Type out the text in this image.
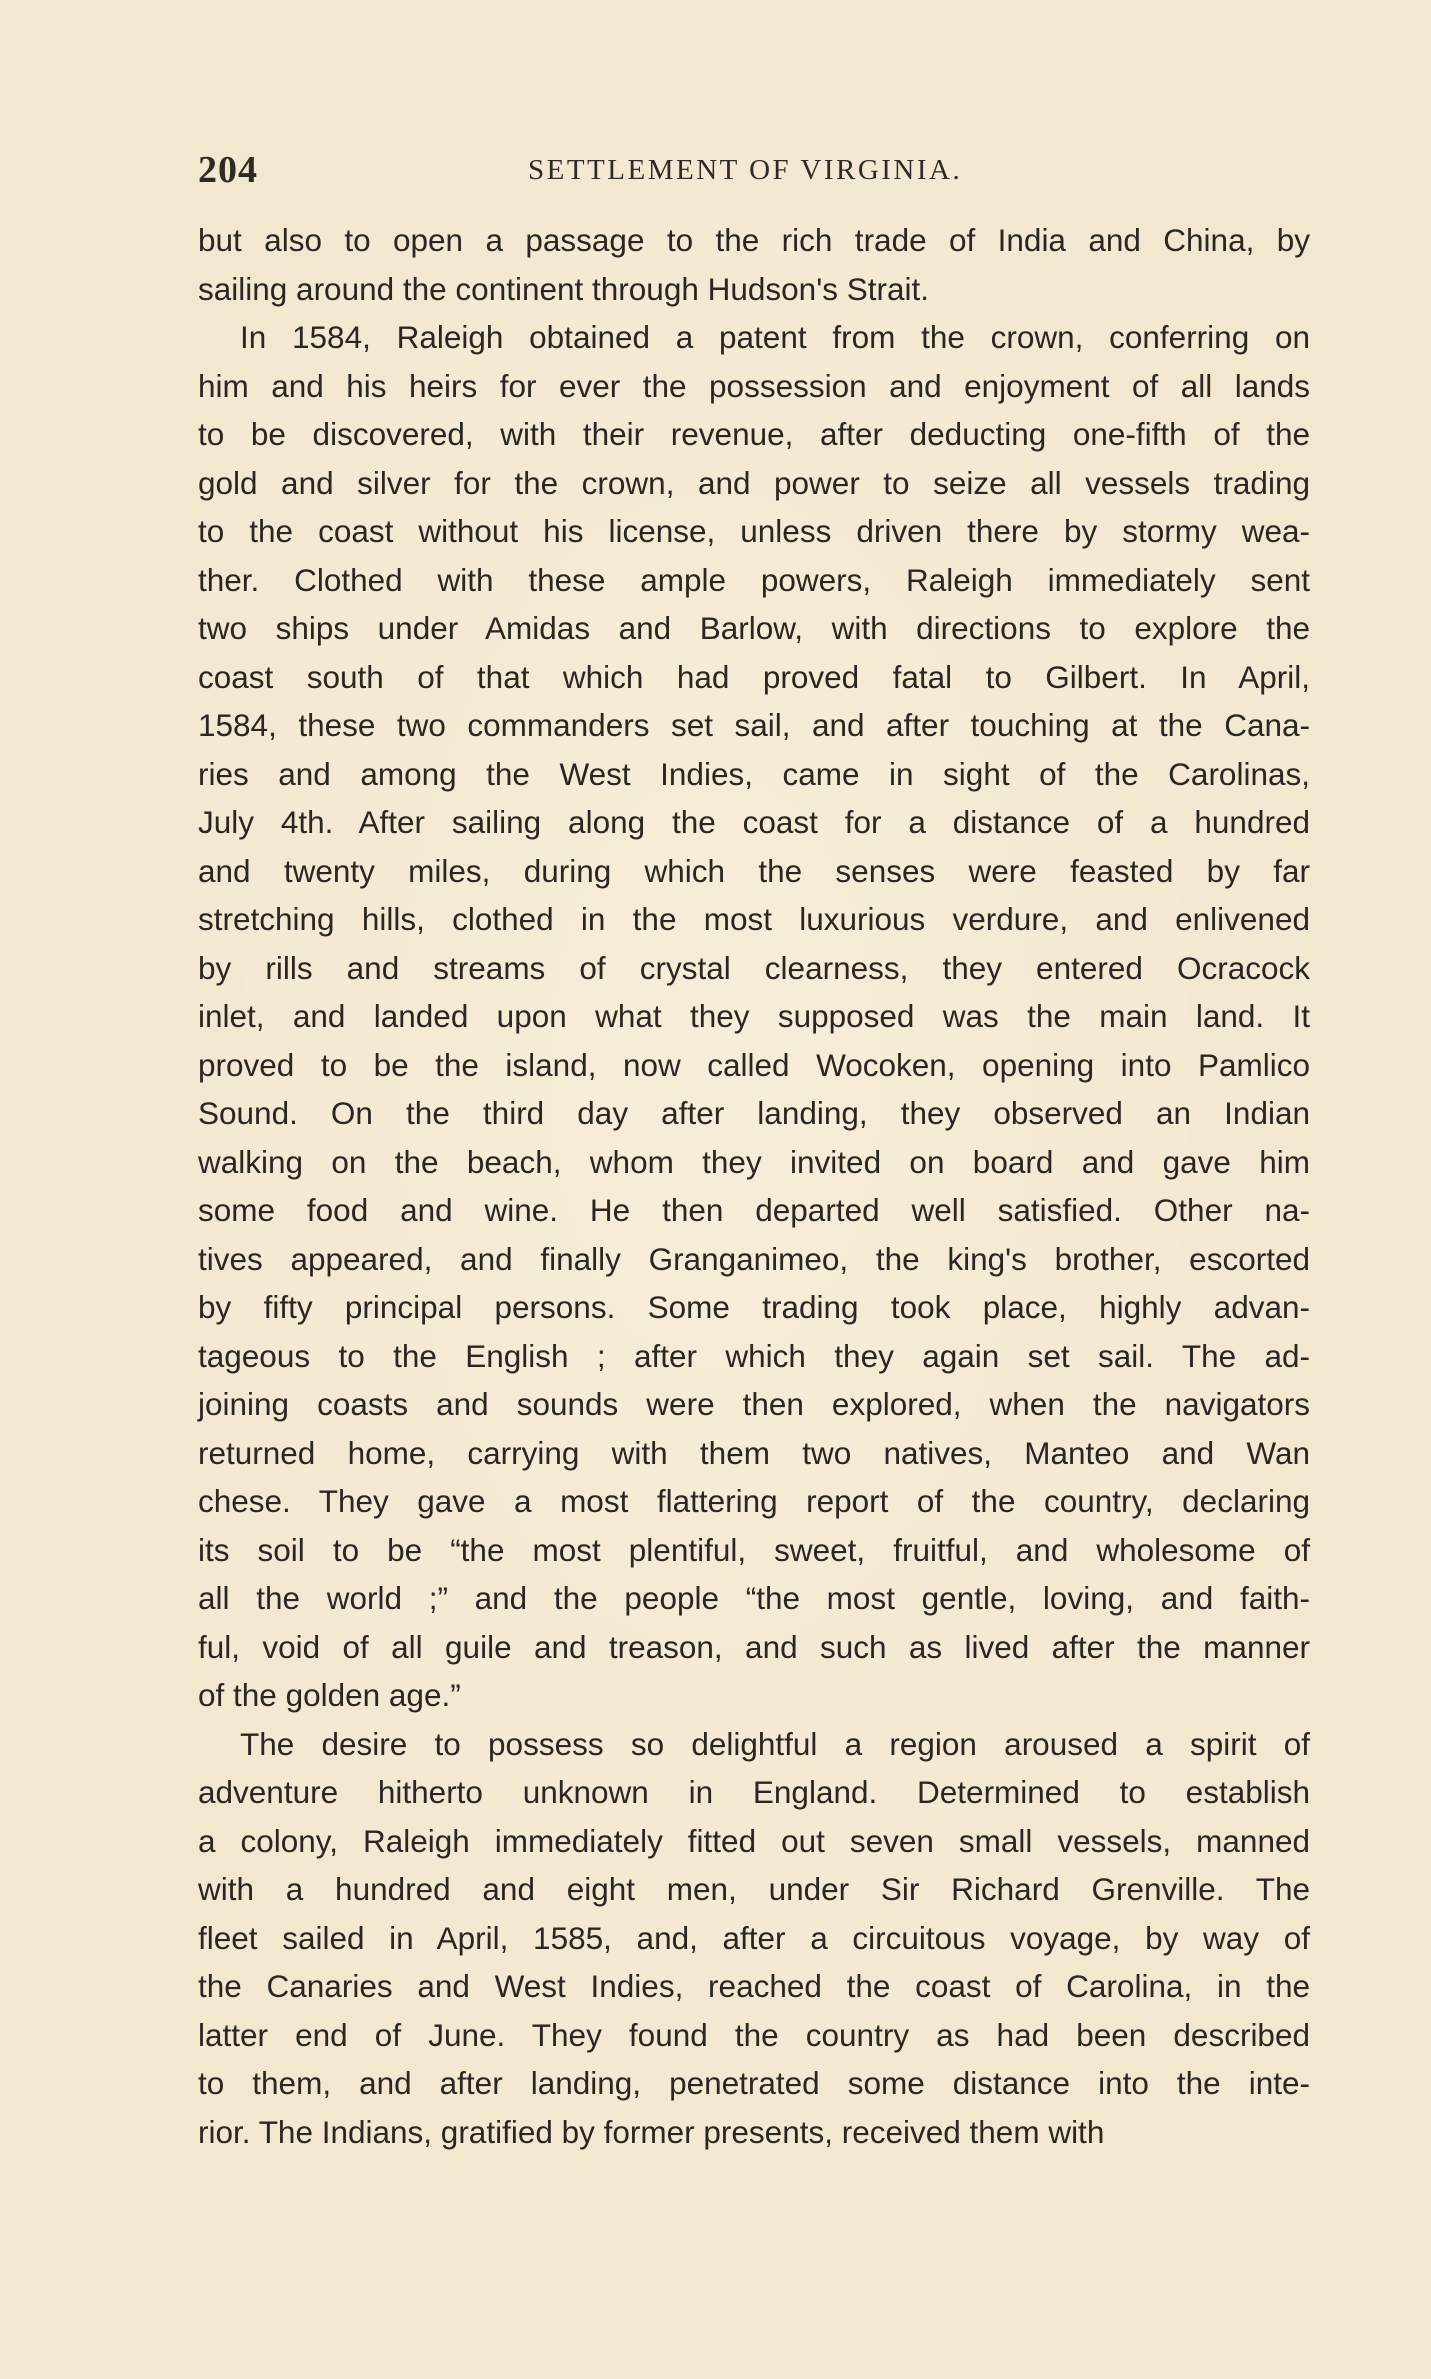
204	SETTLEMENT OF VIRGINIA.
but also to open a passage to the rich trade of India and China, by
sailing around the continent through Hudson's Strait.
In 1584, Raleigh obtained a patent from the crown, conferring on
him and his heirs for ever the possession and enjoyment of all lands
to be discovered, with their revenue, after deducting one-fifth of the
gold and silver for the crown, and power to seize all vessels trading
to the coast without his license, unless driven there by stormy wea-
ther. Clothed with these ample powers, Raleigh immediately sent
two ships under Amidas and Barlow, with directions to explore the
coast south of that which had proved fatal to Gilbert. In April,
1584, these two commanders set sail, and after touching at the Cana-
ries and among the West Indies, came in sight of the Carolinas,
July 4th. After sailing along the coast for a distance of a hundred
and twenty miles, during which the senses were feasted by far
stretching hills, clothed in the most luxurious verdure, and enlivened
by rills and streams of crystal clearness, they entered Ocracock
inlet, and landed upon what they supposed was the main land. It
proved to be the island, now called Wocoken, opening into Pamlico
Sound. On the third day after landing, they observed an Indian
walking on the beach, whom they invited on board and gave him
some food and wine. He then departed well satisfied. Other na-
tives appeared, and finally Granganimeo, the king's brother, escorted
by fifty principal persons. Some trading took place, highly advan-
tageous to the English ; after which they again set sail. The ad-
joining coasts and sounds were then explored, when the navigators
returned home, carrying with them two natives, Manteo and Wan
chese. They gave a most flattering report of the country, declaring
its soil to be “the most plentiful, sweet, fruitful, and wholesome of
all the world ;” and the people “the most gentle, loving, and faith-
ful, void of all guile and treason, and such as lived after the manner
of the golden age.”
The desire to possess so delightful a region aroused a spirit of
adventure hitherto unknown in England. Determined to establish
a colony, Raleigh immediately fitted out seven small vessels, manned
with a hundred and eight men, under Sir Richard Grenville. The
fleet sailed in April, 1585, and, after a circuitous voyage, by way of
the Canaries and West Indies, reached the coast of Carolina, in the
latter end of June. They found the country as had been described
to them, and after landing, penetrated some distance into the inte-
rior. The Indians, gratified by former presents, received them with
